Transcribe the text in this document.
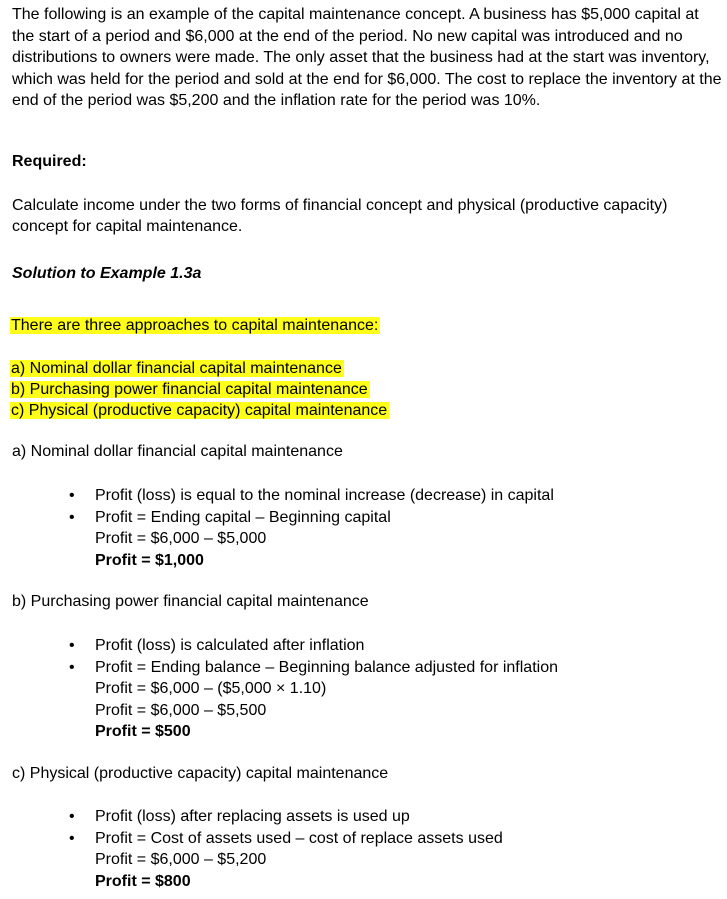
The following is an example of the capital maintenance concept. A business has $5,000 capital at the start of a period and $6,000 at the end of the period. No new capital was introduced and no distributions to owners were made. The only asset that the business had at the start was inventory, which was held for the period and sold at the end for $6,000. The cost to replace the inventory at the end of the period was $5,200 and the inflation rate for the period was 10%.

Required:

Calculate income under the two forms of financial concept and physical (productive capacity) concept for capital maintenance.

Solution to Example 1.3a

There are three approaches to capital maintenance:

a) Nominal dollar financial capital maintenance
b) Purchasing power financial capital maintenance
c) Physical (productive capacity) capital maintenance

a) Nominal dollar financial capital maintenance

• Profit (loss) is equal to the nominal increase (decrease) in capital
• Profit = Ending capital – Beginning capital
Profit = $6,000 – $5,000
Profit = $1,000

b) Purchasing power financial capital maintenance

• Profit (loss) is calculated after inflation
• Profit = Ending balance – Beginning balance adjusted for inflation
Profit = $6,000 – ($5,000 × 1.10)
Profit = $6,000 – $5,500
Profit = $500

c) Physical (productive capacity) capital maintenance

• Profit (loss) after replacing assets is used up
• Profit = Cost of assets used – cost of replace assets used
Profit = $6,000 – $5,200
Profit = $800
